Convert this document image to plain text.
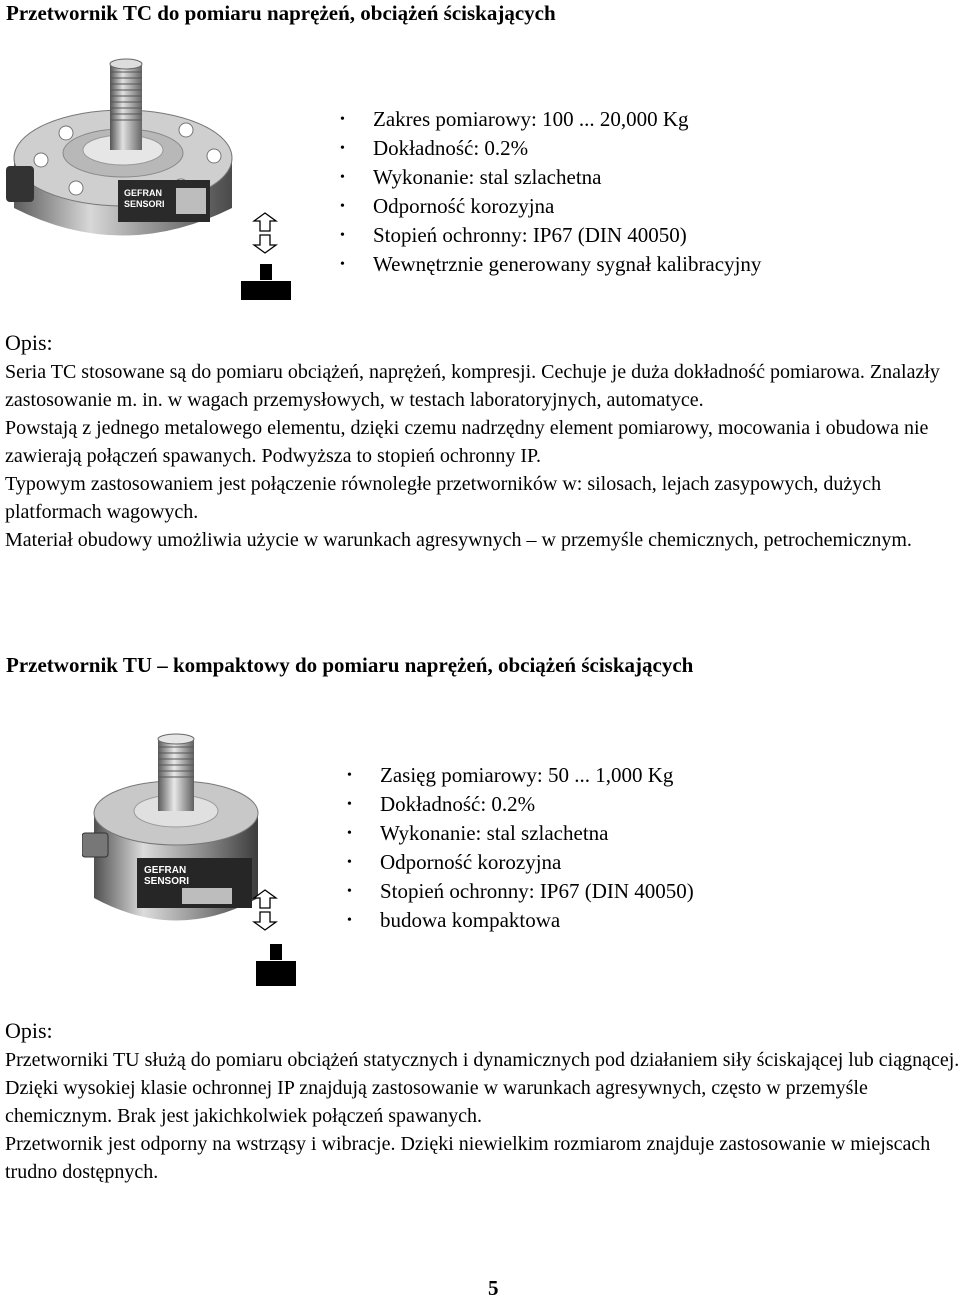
Przetwornik TC do pomiaru naprężeń, obciążeń ściskających
GEFRAN
SENSORI
• Zakres pomiarowy: 100 ... 20,000 Kg
• Dokładność: 0.2%
• Wykonanie: stal szlachetna
• Odporność korozyjna
• Stopień ochronny: IP67 (DIN 40050)
• Wewnętrznie generowany sygnał kalibracyjny
Opis:

Seria TC stosowane są do pomiaru obciążeń, naprężeń, kompresji. Cechuje je duża dokładność pomiarowa. Znalazły zastosowanie m. in. w wagach przemysłowych, w testach laboratoryjnych, automatyce.

Powstają z jednego metalowego elementu, dzięki czemu nadrzędny element pomiarowy, mocowania i obudowa nie zawierają połączeń spawanych. Podwyższa to stopień ochronny IP.

Typowym zastosowaniem jest połączenie równoległe przetworników w: silosach, lejach zasypowych, dużych platformach wagowych.

Materiał obudowy umożliwia użycie w warunkach agresywnych – w przemyśle chemicznych, petrochemicznym.

Przetwornik TU – kompaktowy do pomiaru naprężeń, obciążeń ściskających
GEFRAN
SENSORI
• Zasięg pomiarowy: 50 ... 1,000 Kg
• Dokładność: 0.2%
• Wykonanie: stal szlachetna
• Odporność korozyjna
• Stopień ochronny: IP67 (DIN 40050)
• budowa kompaktowa
Opis:

Przetworniki TU służą do pomiaru obciążeń statycznych i dynamicznych pod działaniem siły ściskającej lub ciągnącej.

Dzięki wysokiej klasie ochronnej IP znajdują zastosowanie w warunkach agresywnych, często w przemyśle chemicznym. Brak jest jakichkolwiek połączeń spawanych.

Przetwornik jest odporny na wstrząsy i wibracje. Dzięki niewielkim rozmiarom znajduje zastosowanie w miejscach trudno dostępnych.

5
